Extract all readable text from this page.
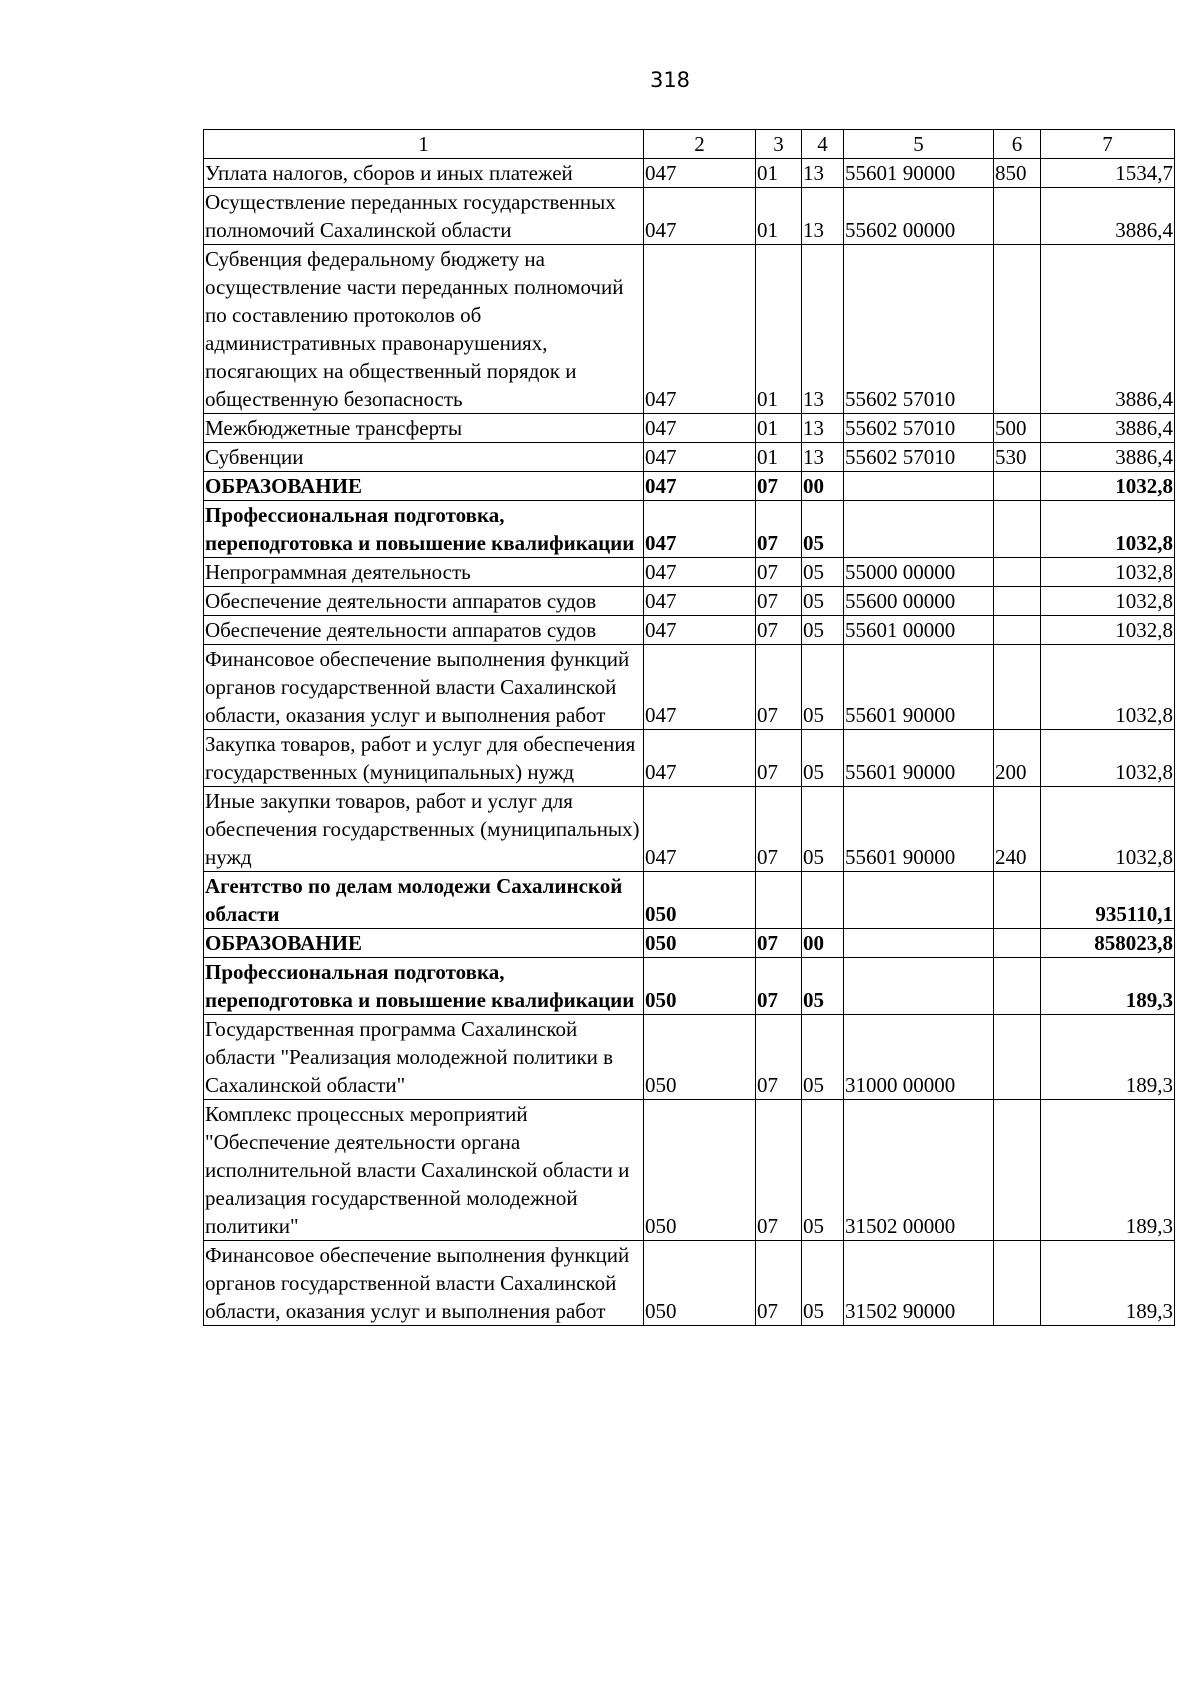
318
1	2	3	4	5	6	7
Уплата налогов, сборов и иных платежей	047	01	13	55601 90000	850	1534,7
Осуществление переданных государственных полномочий Сахалинской области	047	01	13	55602 00000		3886,4
Субвенция федеральному бюджету на осуществление части переданных полномочий по составлению протоколов об административных правонарушениях, посягающих на общественный порядок и общественную безопасность	047	01	13	55602 57010		3886,4
Межбюджетные трансферты	047	01	13	55602 57010	500	3886,4
Субвенции	047	01	13	55602 57010	530	3886,4
ОБРАЗОВАНИЕ	047	07	00			1032,8
Профессиональная подготовка, переподготовка и повышение квалификации	047	07	05			1032,8
Непрограммная деятельность	047	07	05	55000 00000		1032,8
Обеспечение деятельности аппаратов судов	047	07	05	55600 00000		1032,8
Обеспечение деятельности аппаратов судов	047	07	05	55601 00000		1032,8
Финансовое обеспечение выполнения функций органов государственной власти Сахалинской области, оказания услуг и выполнения работ	047	07	05	55601 90000		1032,8
Закупка товаров, работ и услуг для обеспечения государственных (муниципальных) нужд	047	07	05	55601 90000	200	1032,8
Иные закупки товаров, работ и услуг для обеспечения государственных (муниципальных) нужд	047	07	05	55601 90000	240	1032,8
Агентство по делам молодежи Сахалинской области	050					935110,1
ОБРАЗОВАНИЕ	050	07	00			858023,8
Профессиональная подготовка, переподготовка и повышение квалификации	050	07	05			189,3
Государственная программа Сахалинской области "Реализация молодежной политики в Сахалинской области"	050	07	05	31000 00000		189,3
Комплекс процессных мероприятий "Обеспечение деятельности органа исполнительной власти Сахалинской области и реализация государственной молодежной политики"	050	07	05	31502 00000		189,3
Финансовое обеспечение выполнения функций органов государственной власти Сахалинской области, оказания услуг и выполнения работ	050	07	05	31502 90000		189,3
